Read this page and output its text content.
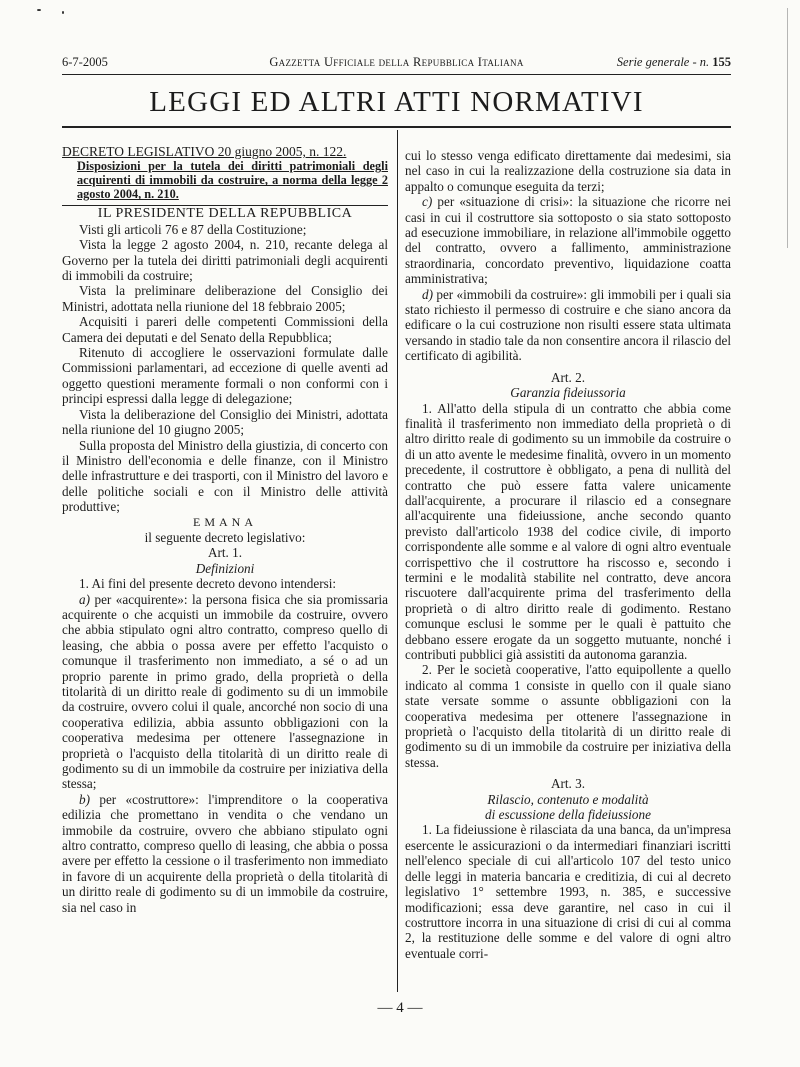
6-7-2005	Gazzetta Ufficiale della Repubblica Italiana	Serie generale - n. 155
LEGGI ED ALTRI ATTI NORMATIVI

DECRETO LEGISLATIVO 20 giugno 2005, n. 122.

Disposizioni per la tutela dei diritti patrimoniali degli acquirenti di immobili da costruire, a norma della legge 2 agosto 2004, n. 210.

IL PRESIDENTE DELLA REPUBBLICA

Visti gli articoli 76 e 87 della Costituzione;

Vista la legge 2 agosto 2004, n. 210, recante delega al Governo per la tutela dei diritti patrimoniali degli acquirenti di immobili da costruire;

Vista la preliminare deliberazione del Consiglio dei Ministri, adottata nella riunione del 18 febbraio 2005;

Acquisiti i pareri delle competenti Commissioni della Camera dei deputati e del Senato della Repubblica;

Ritenuto di accogliere le osservazioni formulate dalle Commissioni parlamentari, ad eccezione di quelle aventi ad oggetto questioni meramente formali o non conformi con i principi espressi dalla legge di delegazione;

Vista la deliberazione del Consiglio dei Ministri, adottata nella riunione del 10 giugno 2005;

Sulla proposta del Ministro della giustizia, di concerto con il Ministro dell'economia e delle finanze, con il Ministro delle infrastrutture e dei trasporti, con il Ministro del lavoro e delle politiche sociali e con il Ministro delle attività produttive;

EMANA

il seguente decreto legislativo:

Art. 1.

Definizioni

1. Ai fini del presente decreto devono intendersi:

a) per «acquirente»: la persona fisica che sia promissaria acquirente o che acquisti un immobile da costruire, ovvero che abbia stipulato ogni altro contratto, compreso quello di leasing, che abbia o possa avere per effetto l'acquisto o comunque il trasferimento non immediato, a sé o ad un proprio parente in primo grado, della proprietà o della titolarità di un diritto reale di godimento su di un immobile da costruire, ovvero colui il quale, ancorché non socio di una cooperativa edilizia, abbia assunto obbligazioni con la cooperativa medesima per ottenere l'assegnazione in proprietà o l'acquisto della titolarità di un diritto reale di godimento su di un immobile da costruire per iniziativa della stessa;

b) per «costruttore»: l'imprenditore o la cooperativa edilizia che promettano in vendita o che vendano un immobile da costruire, ovvero che abbiano stipulato ogni altro contratto, compreso quello di leasing, che abbia o possa avere per effetto la cessione o il trasferimento non immediato in favore di un acquirente della proprietà o della titolarità di un diritto reale di godimento su di un immobile da costruire, sia nel caso in

cui lo stesso venga edificato direttamente dai medesimi, sia nel caso in cui la realizzazione della costruzione sia data in appalto o comunque eseguita da terzi;

c) per «situazione di crisi»: la situazione che ricorre nei casi in cui il costruttore sia sottoposto o sia stato sottoposto ad esecuzione immobiliare, in relazione all'immobile oggetto del contratto, ovvero a fallimento, amministrazione straordinaria, concordato preventivo, liquidazione coatta amministrativa;

d) per «immobili da costruire»: gli immobili per i quali sia stato richiesto il permesso di costruire e che siano ancora da edificare o la cui costruzione non risulti essere stata ultimata versando in stadio tale da non consentire ancora il rilascio del certificato di agibilità.

Art. 2.

Garanzia fideiussoria

1. All'atto della stipula di un contratto che abbia come finalità il trasferimento non immediato della proprietà o di altro diritto reale di godimento su un immobile da costruire o di un atto avente le medesime finalità, ovvero in un momento precedente, il costruttore è obbligato, a pena di nullità del contratto che può essere fatta valere unicamente dall'acquirente, a procurare il rilascio ed a consegnare all'acquirente una fideiussione, anche secondo quanto previsto dall'articolo 1938 del codice civile, di importo corrispondente alle somme e al valore di ogni altro eventuale corrispettivo che il costruttore ha riscosso e, secondo i termini e le modalità stabilite nel contratto, deve ancora riscuotere dall'acquirente prima del trasferimento della proprietà o di altro diritto reale di godimento. Restano comunque esclusi le somme per le quali è pattuito che debbano essere erogate da un soggetto mutuante, nonché i contributi pubblici già assistiti da autonoma garanzia.

2. Per le società cooperative, l'atto equipollente a quello indicato al comma 1 consiste in quello con il quale siano state versate somme o assunte obbligazioni con la cooperativa medesima per ottenere l'assegnazione in proprietà o l'acquisto della titolarità di un diritto reale di godimento su di un immobile da costruire per iniziativa della stessa.

Art. 3.

Rilascio, contenuto e modalità

di escussione della fideiussione

1. La fideiussione è rilasciata da una banca, da un'impresa esercente le assicurazioni o da intermediari finanziari iscritti nell'elenco speciale di cui all'articolo 107 del testo unico delle leggi in materia bancaria e creditizia, di cui al decreto legislativo 1° settembre 1993, n. 385, e successive modificazioni; essa deve garantire, nel caso in cui il costruttore incorra in una situazione di crisi di cui al comma 2, la restituzione delle somme e del valore di ogni altro eventuale corri-

— 4 —
